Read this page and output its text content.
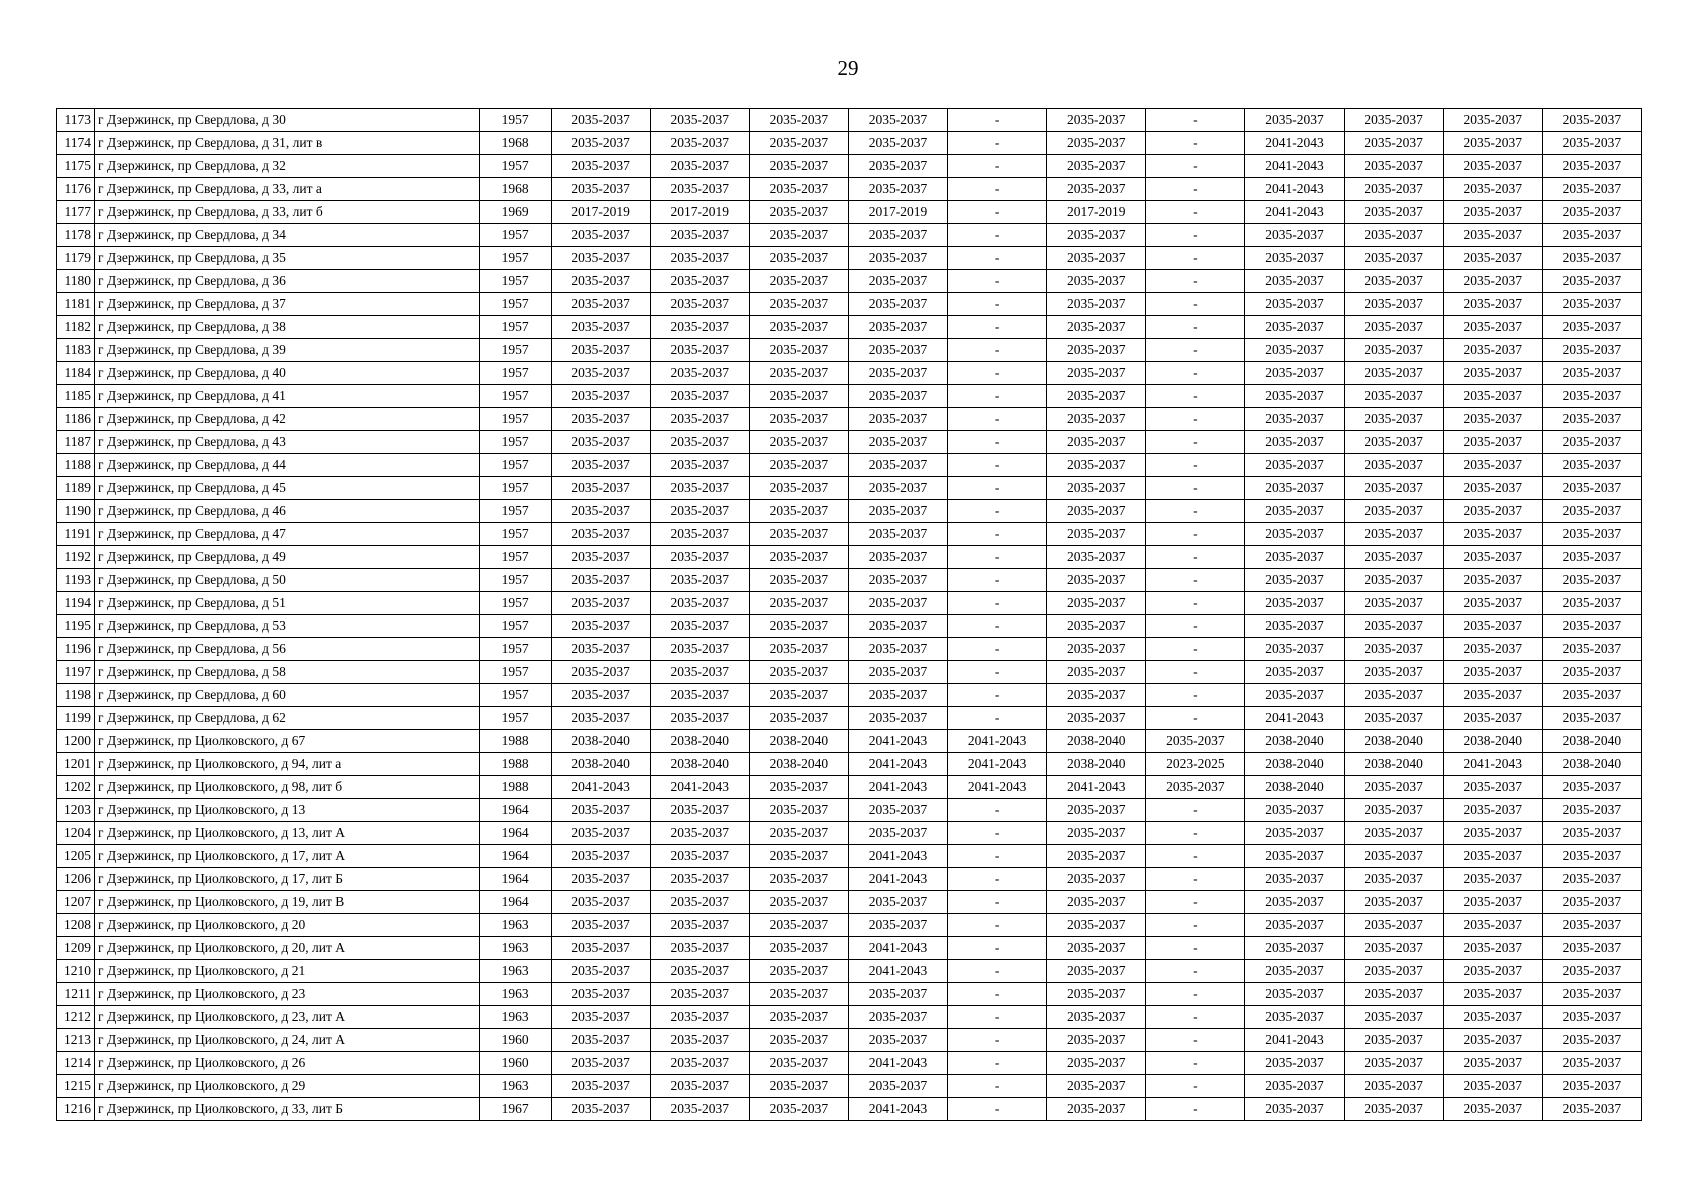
29
1173	г Дзержинск, пр Свердлова, д 30	1957	2035-2037	2035-2037	2035-2037	2035-2037	-	2035-2037	-	2035-2037	2035-2037	2035-2037	2035-2037
1174	г Дзержинск, пр Свердлова, д 31, лит в	1968	2035-2037	2035-2037	2035-2037	2035-2037	-	2035-2037	-	2041-2043	2035-2037	2035-2037	2035-2037
1175	г Дзержинск, пр Свердлова, д 32	1957	2035-2037	2035-2037	2035-2037	2035-2037	-	2035-2037	-	2041-2043	2035-2037	2035-2037	2035-2037
1176	г Дзержинск, пр Свердлова, д 33, лит а	1968	2035-2037	2035-2037	2035-2037	2035-2037	-	2035-2037	-	2041-2043	2035-2037	2035-2037	2035-2037
1177	г Дзержинск, пр Свердлова, д 33, лит б	1969	2017-2019	2017-2019	2035-2037	2017-2019	-	2017-2019	-	2041-2043	2035-2037	2035-2037	2035-2037
1178	г Дзержинск, пр Свердлова, д 34	1957	2035-2037	2035-2037	2035-2037	2035-2037	-	2035-2037	-	2035-2037	2035-2037	2035-2037	2035-2037
1179	г Дзержинск, пр Свердлова, д 35	1957	2035-2037	2035-2037	2035-2037	2035-2037	-	2035-2037	-	2035-2037	2035-2037	2035-2037	2035-2037
1180	г Дзержинск, пр Свердлова, д 36	1957	2035-2037	2035-2037	2035-2037	2035-2037	-	2035-2037	-	2035-2037	2035-2037	2035-2037	2035-2037
1181	г Дзержинск, пр Свердлова, д 37	1957	2035-2037	2035-2037	2035-2037	2035-2037	-	2035-2037	-	2035-2037	2035-2037	2035-2037	2035-2037
1182	г Дзержинск, пр Свердлова, д 38	1957	2035-2037	2035-2037	2035-2037	2035-2037	-	2035-2037	-	2035-2037	2035-2037	2035-2037	2035-2037
1183	г Дзержинск, пр Свердлова, д 39	1957	2035-2037	2035-2037	2035-2037	2035-2037	-	2035-2037	-	2035-2037	2035-2037	2035-2037	2035-2037
1184	г Дзержинск, пр Свердлова, д 40	1957	2035-2037	2035-2037	2035-2037	2035-2037	-	2035-2037	-	2035-2037	2035-2037	2035-2037	2035-2037
1185	г Дзержинск, пр Свердлова, д 41	1957	2035-2037	2035-2037	2035-2037	2035-2037	-	2035-2037	-	2035-2037	2035-2037	2035-2037	2035-2037
1186	г Дзержинск, пр Свердлова, д 42	1957	2035-2037	2035-2037	2035-2037	2035-2037	-	2035-2037	-	2035-2037	2035-2037	2035-2037	2035-2037
1187	г Дзержинск, пр Свердлова, д 43	1957	2035-2037	2035-2037	2035-2037	2035-2037	-	2035-2037	-	2035-2037	2035-2037	2035-2037	2035-2037
1188	г Дзержинск, пр Свердлова, д 44	1957	2035-2037	2035-2037	2035-2037	2035-2037	-	2035-2037	-	2035-2037	2035-2037	2035-2037	2035-2037
1189	г Дзержинск, пр Свердлова, д 45	1957	2035-2037	2035-2037	2035-2037	2035-2037	-	2035-2037	-	2035-2037	2035-2037	2035-2037	2035-2037
1190	г Дзержинск, пр Свердлова, д 46	1957	2035-2037	2035-2037	2035-2037	2035-2037	-	2035-2037	-	2035-2037	2035-2037	2035-2037	2035-2037
1191	г Дзержинск, пр Свердлова, д 47	1957	2035-2037	2035-2037	2035-2037	2035-2037	-	2035-2037	-	2035-2037	2035-2037	2035-2037	2035-2037
1192	г Дзержинск, пр Свердлова, д 49	1957	2035-2037	2035-2037	2035-2037	2035-2037	-	2035-2037	-	2035-2037	2035-2037	2035-2037	2035-2037
1193	г Дзержинск, пр Свердлова, д 50	1957	2035-2037	2035-2037	2035-2037	2035-2037	-	2035-2037	-	2035-2037	2035-2037	2035-2037	2035-2037
1194	г Дзержинск, пр Свердлова, д 51	1957	2035-2037	2035-2037	2035-2037	2035-2037	-	2035-2037	-	2035-2037	2035-2037	2035-2037	2035-2037
1195	г Дзержинск, пр Свердлова, д 53	1957	2035-2037	2035-2037	2035-2037	2035-2037	-	2035-2037	-	2035-2037	2035-2037	2035-2037	2035-2037
1196	г Дзержинск, пр Свердлова, д 56	1957	2035-2037	2035-2037	2035-2037	2035-2037	-	2035-2037	-	2035-2037	2035-2037	2035-2037	2035-2037
1197	г Дзержинск, пр Свердлова, д 58	1957	2035-2037	2035-2037	2035-2037	2035-2037	-	2035-2037	-	2035-2037	2035-2037	2035-2037	2035-2037
1198	г Дзержинск, пр Свердлова, д 60	1957	2035-2037	2035-2037	2035-2037	2035-2037	-	2035-2037	-	2035-2037	2035-2037	2035-2037	2035-2037
1199	г Дзержинск, пр Свердлова, д 62	1957	2035-2037	2035-2037	2035-2037	2035-2037	-	2035-2037	-	2041-2043	2035-2037	2035-2037	2035-2037
1200	г Дзержинск, пр Циолковского, д 67	1988	2038-2040	2038-2040	2038-2040	2041-2043	2041-2043	2038-2040	2035-2037	2038-2040	2038-2040	2038-2040	2038-2040
1201	г Дзержинск, пр Циолковского, д 94, лит а	1988	2038-2040	2038-2040	2038-2040	2041-2043	2041-2043	2038-2040	2023-2025	2038-2040	2038-2040	2041-2043	2038-2040
1202	г Дзержинск, пр Циолковского, д 98, лит б	1988	2041-2043	2041-2043	2035-2037	2041-2043	2041-2043	2041-2043	2035-2037	2038-2040	2035-2037	2035-2037	2035-2037
1203	г Дзержинск, пр Циолковского, д 13	1964	2035-2037	2035-2037	2035-2037	2035-2037	-	2035-2037	-	2035-2037	2035-2037	2035-2037	2035-2037
1204	г Дзержинск, пр Циолковского, д 13, лит А	1964	2035-2037	2035-2037	2035-2037	2035-2037	-	2035-2037	-	2035-2037	2035-2037	2035-2037	2035-2037
1205	г Дзержинск, пр Циолковского, д 17, лит А	1964	2035-2037	2035-2037	2035-2037	2041-2043	-	2035-2037	-	2035-2037	2035-2037	2035-2037	2035-2037
1206	г Дзержинск, пр Циолковского, д 17, лит Б	1964	2035-2037	2035-2037	2035-2037	2041-2043	-	2035-2037	-	2035-2037	2035-2037	2035-2037	2035-2037
1207	г Дзержинск, пр Циолковского, д 19, лит В	1964	2035-2037	2035-2037	2035-2037	2035-2037	-	2035-2037	-	2035-2037	2035-2037	2035-2037	2035-2037
1208	г Дзержинск, пр Циолковского, д 20	1963	2035-2037	2035-2037	2035-2037	2035-2037	-	2035-2037	-	2035-2037	2035-2037	2035-2037	2035-2037
1209	г Дзержинск, пр Циолковского, д 20, лит А	1963	2035-2037	2035-2037	2035-2037	2041-2043	-	2035-2037	-	2035-2037	2035-2037	2035-2037	2035-2037
1210	г Дзержинск, пр Циолковского, д 21	1963	2035-2037	2035-2037	2035-2037	2041-2043	-	2035-2037	-	2035-2037	2035-2037	2035-2037	2035-2037
1211	г Дзержинск, пр Циолковского, д 23	1963	2035-2037	2035-2037	2035-2037	2035-2037	-	2035-2037	-	2035-2037	2035-2037	2035-2037	2035-2037
1212	г Дзержинск, пр Циолковского, д 23, лит А	1963	2035-2037	2035-2037	2035-2037	2035-2037	-	2035-2037	-	2035-2037	2035-2037	2035-2037	2035-2037
1213	г Дзержинск, пр Циолковского, д 24, лит А	1960	2035-2037	2035-2037	2035-2037	2035-2037	-	2035-2037	-	2041-2043	2035-2037	2035-2037	2035-2037
1214	г Дзержинск, пр Циолковского, д 26	1960	2035-2037	2035-2037	2035-2037	2041-2043	-	2035-2037	-	2035-2037	2035-2037	2035-2037	2035-2037
1215	г Дзержинск, пр Циолковского, д 29	1963	2035-2037	2035-2037	2035-2037	2035-2037	-	2035-2037	-	2035-2037	2035-2037	2035-2037	2035-2037
1216	г Дзержинск, пр Циолковского, д 33, лит Б	1967	2035-2037	2035-2037	2035-2037	2041-2043	-	2035-2037	-	2035-2037	2035-2037	2035-2037	2035-2037
